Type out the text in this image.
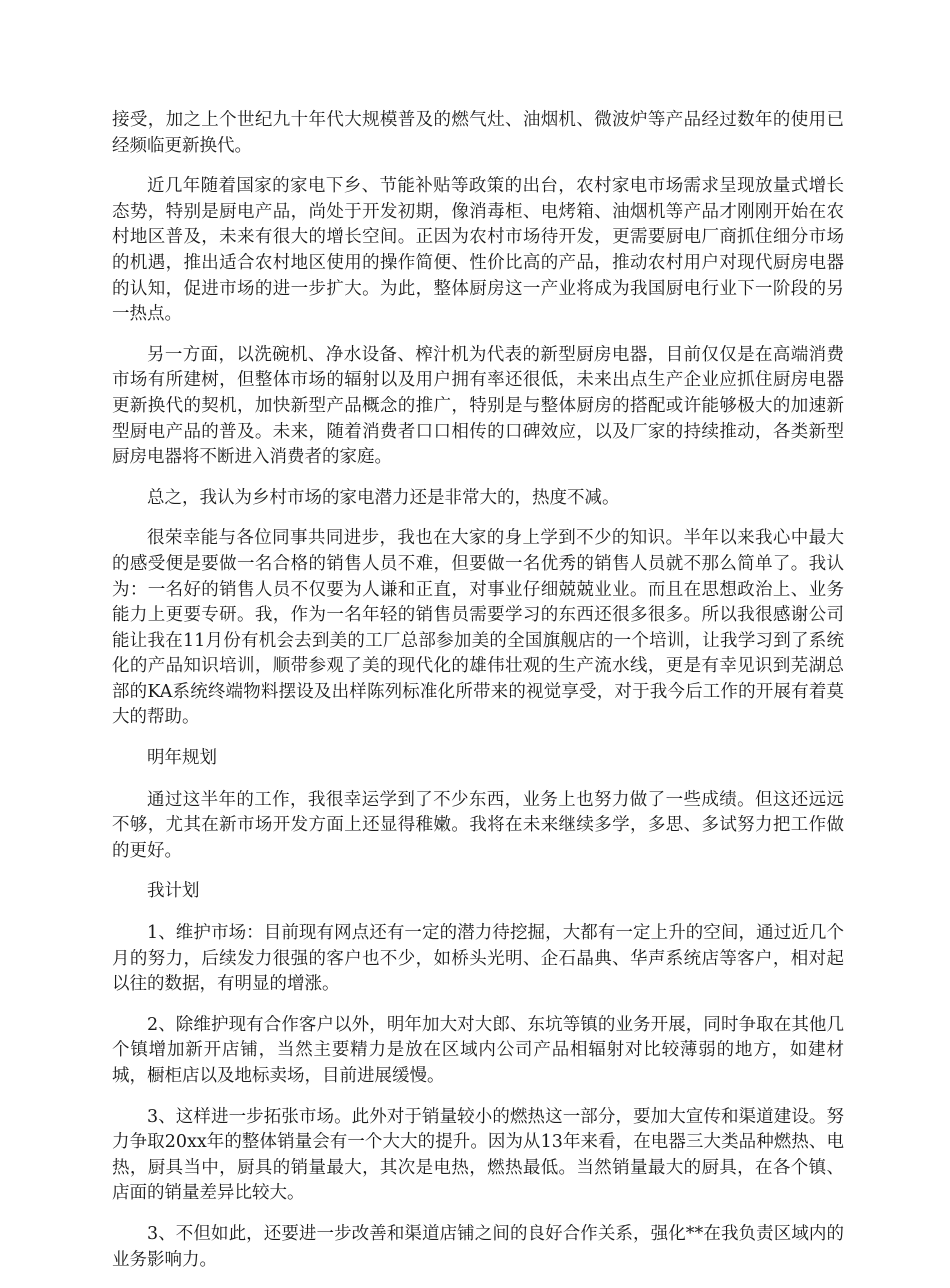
接受，加之上个世纪九十年代大规模普及的燃气灶、油烟机、微波炉等产品经过数年的使用已经频临更新换代。

近几年随着国家的家电下乡、节能补贴等政策的出台，农村家电市场需求呈现放量式增长态势，特别是厨电产品，尚处于开发初期，像消毒柜、电烤箱、油烟机等产品才刚刚开始在农村地区普及，未来有很大的增长空间。正因为农村市场待开发，更需要厨电厂商抓住细分市场的机遇，推出适合农村地区使用的操作简便、性价比高的产品，推动农村用户对现代厨房电器的认知，促进市场的进一步扩大。为此，整体厨房这一产业将成为我国厨电行业下一阶段的另一热点。

另一方面，以洗碗机、净水设备、榨汁机为代表的新型厨房电器，目前仅仅是在高端消费市场有所建树，但整体市场的辐射以及用户拥有率还很低，未来出点生产企业应抓住厨房电器更新换代的契机，加快新型产品概念的推广，特别是与整体厨房的搭配或许能够极大的加速新型厨电产品的普及。未来，随着消费者口口相传的口碑效应，以及厂家的持续推动，各类新型厨房电器将不断进入消费者的家庭。

总之，我认为乡村市场的家电潜力还是非常大的，热度不减。

很荣幸能与各位同事共同进步，我也在大家的身上学到不少的知识。半年以来我心中最大的感受便是要做一名合格的销售人员不难，但要做一名优秀的销售人员就不那么简单了。我认为：一名好的销售人员不仅要为人谦和正直，对事业仔细兢兢业业。而且在思想政治上、业务能力上更要专研。我，作为一名年轻的销售员需要学习的东西还很多很多。所以我很感谢公司能让我在11月份有机会去到美的工厂总部参加美的全国旗舰店的一个培训，让我学习到了系统化的产品知识培训，顺带参观了美的现代化的雄伟壮观的生产流水线，更是有幸见识到芜湖总部的KA系统终端物料摆设及出样陈列标准化所带来的视觉享受，对于我今后工作的开展有着莫大的帮助。

明年规划

通过这半年的工作，我很幸运学到了不少东西，业务上也努力做了一些成绩。但这还远远不够，尤其在新市场开发方面上还显得稚嫩。我将在未来继续多学，多思、多试努力把工作做的更好。

我计划

1、维护市场：目前现有网点还有一定的潜力待挖掘，大都有一定上升的空间，通过近几个月的努力，后续发力很强的客户也不少，如桥头光明、企石晶典、华声系统店等客户，相对起以往的数据，有明显的增涨。

2、除维护现有合作客户以外，明年加大对大郎、东坑等镇的业务开展，同时争取在其他几个镇增加新开店铺，当然主要精力是放在区域内公司产品相辐射对比较薄弱的地方，如建材城，橱柜店以及地标卖场，目前进展缓慢。

3、这样进一步拓张市场。此外对于销量较小的燃热这一部分，要加大宣传和渠道建设。努力争取20xx年的整体销量会有一个大大的提升。因为从13年来看，在电器三大类品种燃热、电热，厨具当中，厨具的销量最大，其次是电热，燃热最低。当然销量最大的厨具，在各个镇、店面的销量差异比较大。

3、不但如此，还要进一步改善和渠道店铺之间的良好合作关系，强化**在我负责区域内的业务影响力。
